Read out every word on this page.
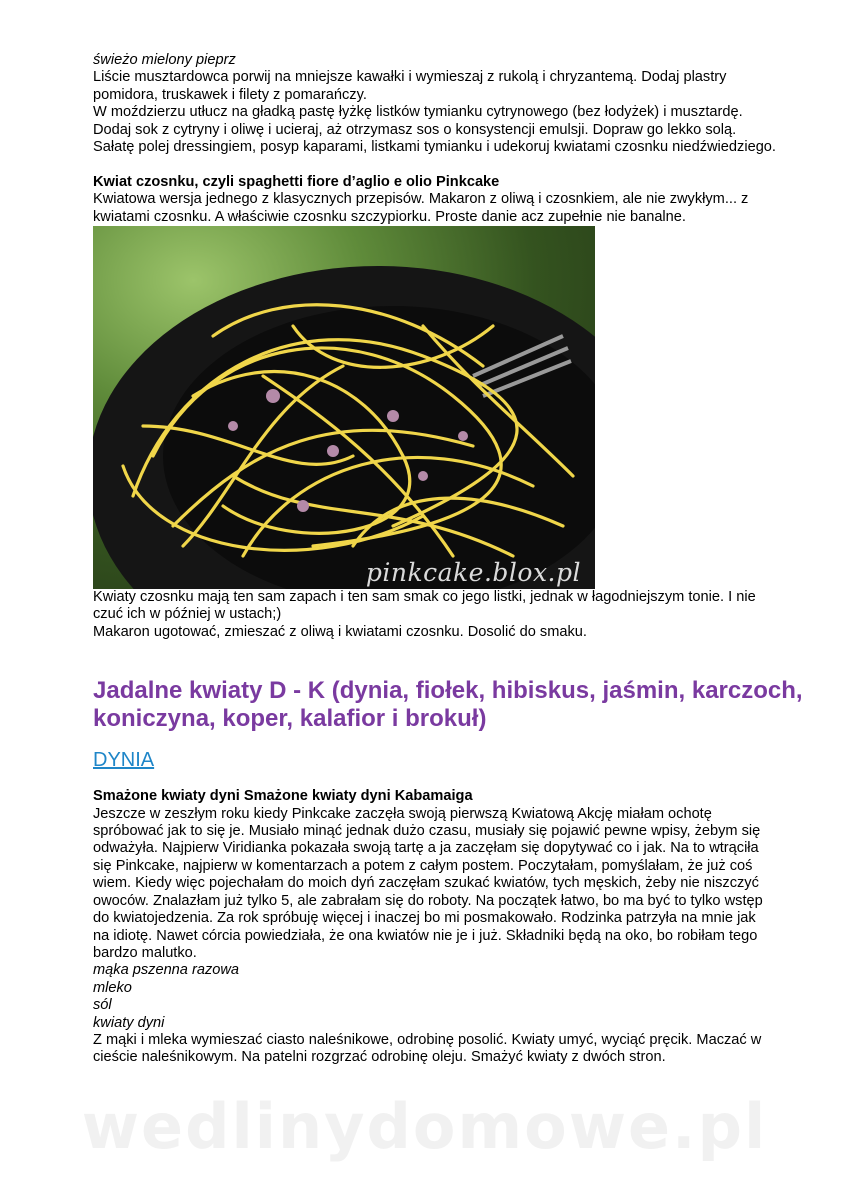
świeżo mielony pieprz
Liście musztardowca porwij na mniejsze kawałki i wymieszaj z rukolą i chryzantemą. Dodaj plastry
pomidora, truskawek i filety z pomarańczy.
W moździerzu utłucz na gładką pastę łyżkę listków tymianku cytrynowego (bez łodyżek) i musztardę.
Dodaj sok z cytryny i oliwę i ucieraj, aż otrzymasz sos o konsystencji emulsji. Dopraw go lekko solą.
Sałatę polej dressingiem, posyp kaparami, listkami tymianku i udekoruj kwiatami czosnku niedźwiedziego.
Kwiat czosnku, czyli spaghetti fiore d’aglio e olio Pinkcake
Kwiatowa wersja jednego z klasycznych przepisów. Makaron z oliwą i czosnkiem, ale nie zwykłym... z
kwiatami czosnku. A właściwie czosnku szczypiorku. Proste danie acz zupełnie nie banalne.
pinkcake.blox.pl
Kwiaty czosnku mają ten sam zapach i ten sam smak co jego listki, jednak w łagodniejszym tonie. I nie
czuć ich w później w ustach;)
Makaron ugotować, zmieszać z oliwą i kwiatami czosnku. Dosolić do smaku.
Jadalne kwiaty D - K (dynia, fiołek, hibiskus, jaśmin, karczoch,
koniczyna, koper, kalafior i brokuł)
DYNIA
Smażone kwiaty dyni Smażone kwiaty dyni Kabamaiga
Jeszcze w zeszłym roku kiedy Pinkcake zaczęła swoją pierwszą Kwiatową Akcję miałam ochotę
spróbować jak to się je. Musiało minąć jednak dużo czasu, musiały się pojawić pewne wpisy, żebym się
odważyła. Najpierw Viridianka pokazała swoją tartę a ja zaczęłam się dopytywać co i jak. Na to wtrąciła
się Pinkcake, najpierw w komentarzach a potem z całym postem. Poczytałam, pomyślałam, że już coś
wiem. Kiedy więc pojechałam do moich dyń zaczęłam szukać kwiatów, tych męskich, żeby nie niszczyć
owoców. Znalazłam już tylko 5, ale zabrałam się do roboty. Na początek łatwo, bo ma być to tylko wstęp
do kwiatojedzenia. Za rok spróbuję więcej i inaczej bo mi posmakowało. Rodzinka patrzyła na mnie jak
na idiotę. Nawet córcia powiedziała, że ona kwiatów nie je i już. Składniki będą na oko, bo robiłam tego
bardzo malutko.
mąka pszenna razowa
mleko
sól
kwiaty dyni
Z mąki i mleka wymieszać ciasto naleśnikowe, odrobinę posolić. Kwiaty umyć, wyciąć pręcik. Maczać w
cieście naleśnikowym. Na patelni rozgrzać odrobinę oleju. Smażyć kwiaty z dwóch stron.
wedlinydomowe.pl
